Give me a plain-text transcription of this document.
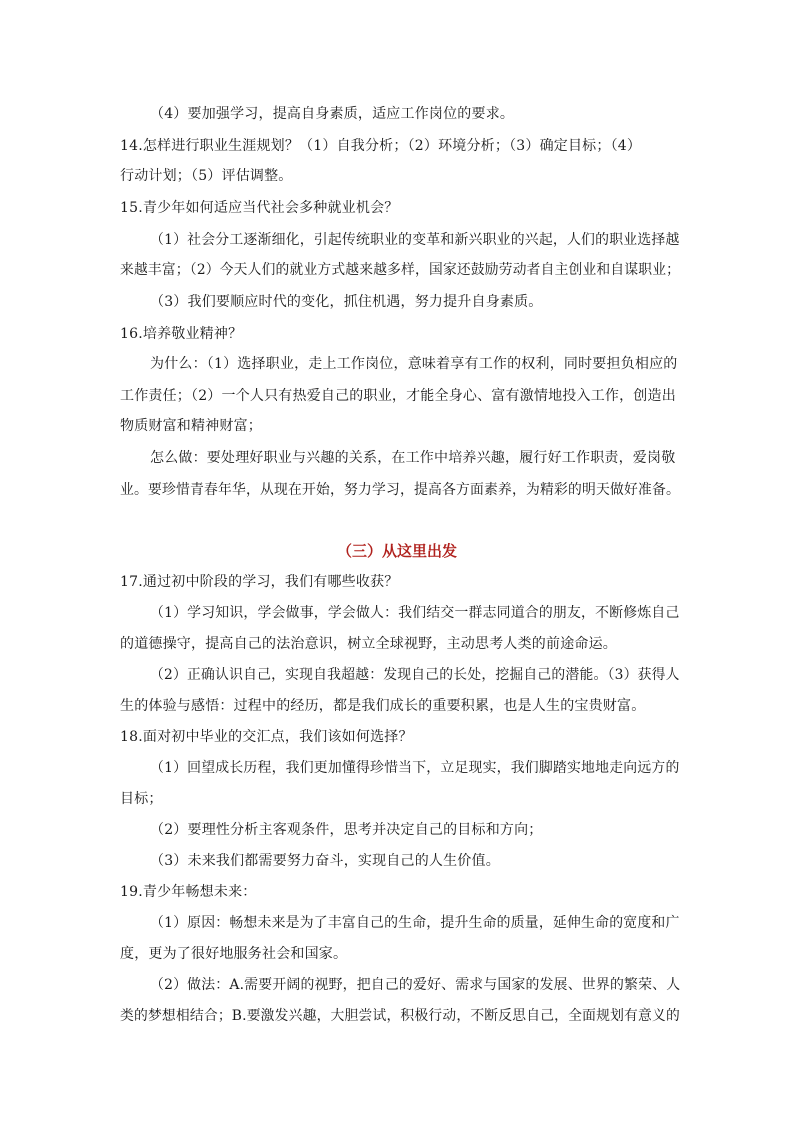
（4）要加强学习，提高自身素质，适应工作岗位的要求。
14.怎样进行职业生涯规划？（1）自我分析；（2）环境分析；（3）确定目标；（4）
行动计划；（5）评估调整。
15.青少年如何适应当代社会多种就业机会？
（1）社会分工逐渐细化，引起传统职业的变革和新兴职业的兴起，人们的职业选择越
来越丰富；（2）今天人们的就业方式越来越多样，国家还鼓励劳动者自主创业和自谋职业；
（3）我们要顺应时代的变化，抓住机遇，努力提升自身素质。
16.培养敬业精神？
为什么：（1）选择职业，走上工作岗位，意味着享有工作的权利，同时要担负相应的
工作责任；（2）一个人只有热爱自己的职业，才能全身心、富有激情地投入工作，创造出
物质财富和精神财富；
怎么做：要处理好职业与兴趣的关系，在工作中培养兴趣，履行好工作职责，爱岗敬
业。要珍惜青春年华，从现在开始，努力学习，提高各方面素养，为精彩的明天做好准备。
（三）从这里出发
17.通过初中阶段的学习，我们有哪些收获？
（1）学习知识，学会做事，学会做人：我们结交一群志同道合的朋友，不断修炼自己
的道德操守，提高自己的法治意识，树立全球视野，主动思考人类的前途命运。
（2）正确认识自己，实现自我超越：发现自己的长处，挖掘自己的潜能。（3）获得人
生的体验与感悟：过程中的经历，都是我们成长的重要积累，也是人生的宝贵财富。
18.面对初中毕业的交汇点，我们该如何选择？
（1）回望成长历程，我们更加懂得珍惜当下，立足现实，我们脚踏实地地走向远方的
目标；
（2）要理性分析主客观条件，思考并决定自己的目标和方向；
（3）未来我们都需要努力奋斗，实现自己的人生价值。
19.青少年畅想未来：
（1）原因：畅想未来是为了丰富自己的生命，提升生命的质量，延伸生命的宽度和广
度，更为了很好地服务社会和国家。
（2）做法：A.需要开阔的视野，把自己的爱好、需求与国家的发展、世界的繁荣、人
类的梦想相结合；B.要激发兴趣，大胆尝试，积极行动，不断反思自己，全面规划有意义的
